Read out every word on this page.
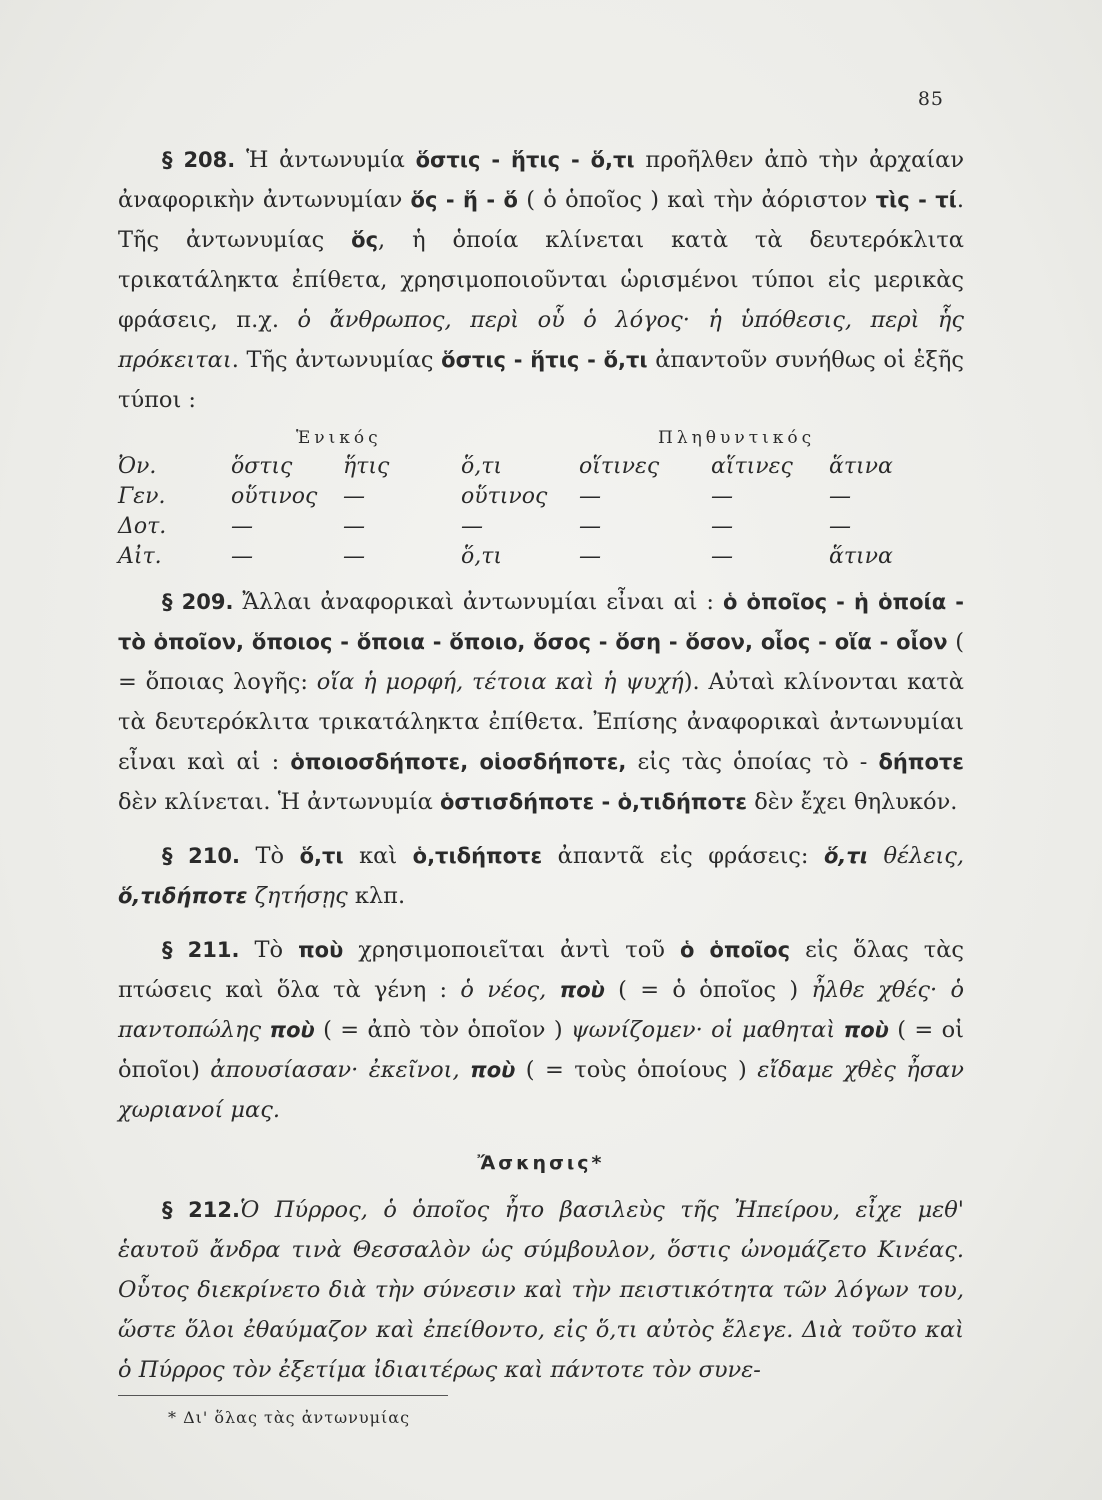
85

§ 208. Ἡ ἀντωνυμία ὅστις - ἥτις - ὅ,τι προῆλθεν ἀπὸ τὴν ἀρχαίαν ἀναφορικὴν ἀντωνυμίαν ὅς - ἥ - ὅ ( ὁ ὁποῖος ) καὶ τὴν ἀόριστον τὶς - τί. Τῆς ἀντωνυμίας ὅς, ἡ ὁποία κλίνεται κατὰ τὰ δευτερόκλιτα τρικατάληκτα ἐπίθετα, χρησιμοποιοῦνται ὡρισμένοι τύποι εἰς μερικὰς φράσεις, π.χ. ὁ ἄνθρωπος, περὶ οὗ ὁ λόγος· ἡ ὑπόθεσις, περὶ ἧς πρόκειται. Τῆς ἀντωνυμίας ὅστις - ἥτις - ὅ,τι ἀπαντοῦν συνήθως οἱ ἑξῆς τύποι :

Ἑνικός	Πληθυντικός
Ὀν.	ὅστις	ἥτις	ὅ,τι	οἵτινες	αἵτινες	ἅτινα
Γεν.	οὕτινος	—	οὕτινος	—	—	—
Δοτ.	—	—	—	—	—	—
Αἰτ.	—	—	ὅ,τι	—	—	ἅτινα

§ 209. Ἄλλαι ἀναφορικαὶ ἀντωνυμίαι εἶναι αἱ : ὁ ὁποῖος - ἡ ὁποία - τὸ ὁποῖον, ὅποιος - ὅποια - ὅποιο, ὅσος - ὅση - ὅσον, οἷος - οἵα - οἷον ( = ὅποιας λογῆς: οἵα ἡ μορφή, τέτοια καὶ ἡ ψυχή). Αὐταὶ κλίνονται κατὰ τὰ δευτερόκλιτα τρικατάληκτα ἐπίθετα. Ἐπίσης ἀναφορικαὶ ἀντωνυμίαι εἶναι καὶ αἱ : ὁποιοσδήποτε, οἱοσδήποτε, εἰς τὰς ὁποίας τὸ - δήποτε δὲν κλίνεται. Ἡ ἀντωνυμία ὁστισδήποτε - ὁ,τιδήποτε δὲν ἔχει θηλυκόν.

§ 210. Τὸ ὅ,τι καὶ ὁ,τιδήποτε ἀπαντᾶ εἰς φράσεις: ὅ,τι θέλεις, ὅ,τιδήποτε ζητήσῃς κλπ.

§ 211. Τὸ ποὺ χρησιμοποιεῖται ἀντὶ τοῦ ὁ ὁποῖος εἰς ὅλας τὰς πτώσεις καὶ ὅλα τὰ γένη : ὁ νέος, ποὺ ( = ὁ ὁποῖος ) ἦλθε χθές· ὁ παντοπώλης ποὺ ( = ἀπὸ τὸν ὁποῖον ) ψωνίζομεν· οἱ μαθηταὶ ποὺ ( = οἱ ὁποῖοι) ἀπουσίασαν· ἐκεῖνοι, ποὺ ( = τοὺς ὁποίους ) εἴδαμε χθὲς ἦσαν χωριανοί μας.

Ἄσκησις*

§ 212.Ὁ Πύρρος, ὁ ὁποῖος ἦτο βασιλεὺς τῆς Ἠπείρου, εἶχε μεθ' ἑαυτοῦ ἄνδρα τινὰ Θεσσαλὸν ὡς σύμβουλον, ὅστις ὠνομάζετο Κινέας. Οὗτος διεκρίνετο διὰ τὴν σύνεσιν καὶ τὴν πειστικότητα τῶν λόγων του, ὥστε ὅλοι ἐθαύμαζον καὶ ἐπείθοντο, εἰς ὅ,τι αὐτὸς ἔλεγε. Διὰ τοῦτο καὶ ὁ Πύρρος τὸν ἐξετίμα ἰδιαιτέρως καὶ πάντοτε τὸν συνε-

* Δι' ὅλας τὰς ἀντωνυμίας
